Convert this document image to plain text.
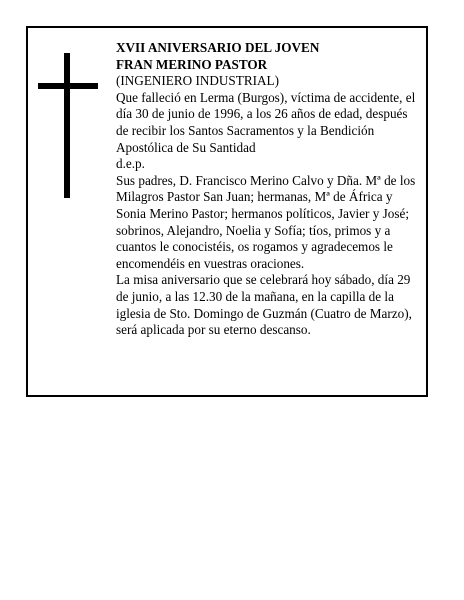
XVII ANIVERSARIO DEL JOVEN

FRAN MERINO PASTOR

(INGENIERO INDUSTRIAL)

Que falleció en Lerma (Burgos), víctima de accidente, el día 30 de junio de 1996, a los 26 años de edad, después de recibir los Santos Sacramentos y la Bendición Apostólica de Su Santidad

d.e.p.

Sus padres, D. Francisco Merino Calvo y Dña. Mª de los Milagros Pastor San Juan; hermanas, Mª de África y Sonia Merino Pastor; hermanos políticos, Javier y José; sobrinos, Alejandro, Noelia y Sofía; tíos, primos y a cuantos le conocistéis, os rogamos y agradecemos le encomendéis en vuestras oraciones.

La misa aniversario que se celebrará hoy sábado, día 29 de junio, a las 12.30 de la mañana, en la capilla de la iglesia de Sto. Domingo de Guzmán (Cuatro de Marzo), será aplicada por su eterno descanso.
